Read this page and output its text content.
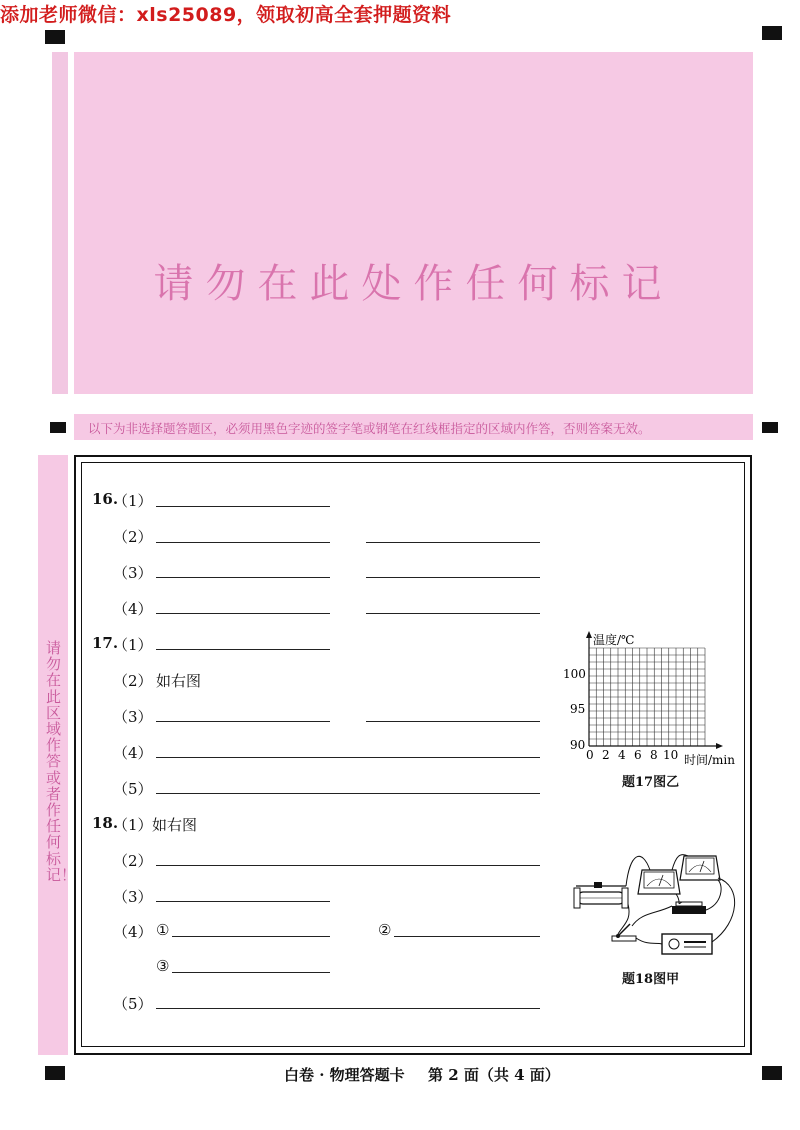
添加老师微信：xls25089，领取初高全套押题资料
请勿在此处作任何标记
以下为非选择题答题区，必须用黑色字迹的签字笔或钢笔在红线框指定的区域内作答，否则答案无效。
请勿在此区域作答或者作任何标记！
16.
（1）
（2）
（3）
（4）
17.
（1）
（2） 如右图
（3）
（4）
（5）
18.
（1） 如右图
（2）
（3）
（4） ①	②
③
（5）
温度/℃
100
95
90
0 2 4 6 8 10 时间/min
题17图乙
题18图甲
白卷 · 物理答题卡 第 2 面（共 4 面）
